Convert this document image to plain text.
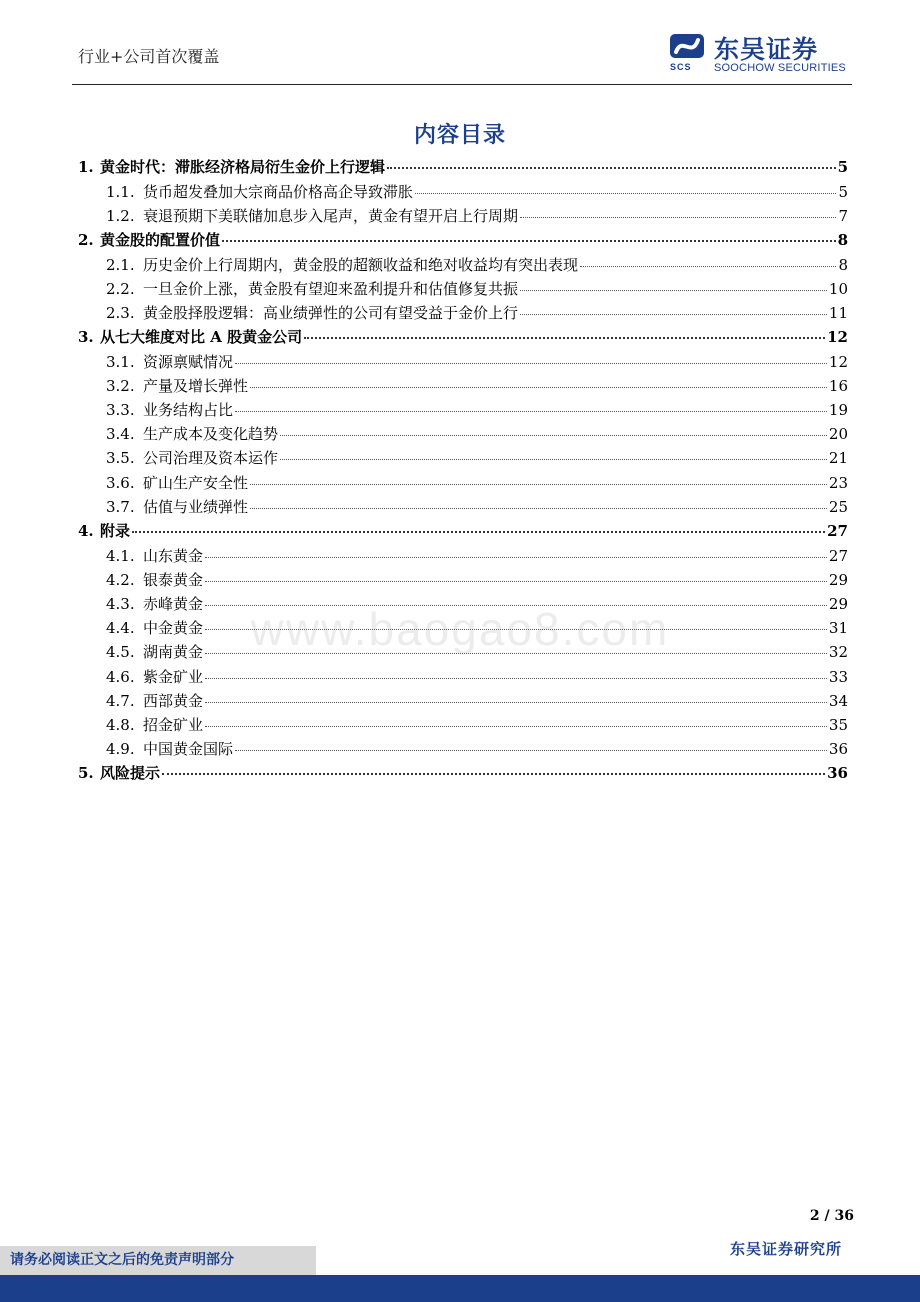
行业+公司首次覆盖
SCS
东吴证券
SOOCHOW SECURITIES
内容目录
1. 黄金时代：滞胀经济格局衍生金价上行逻辑	5
1.1. 货币超发叠加大宗商品价格高企导致滞胀	5
1.2. 衰退预期下美联储加息步入尾声，黄金有望开启上行周期	7
2. 黄金股的配置价值	8
2.1. 历史金价上行周期内，黄金股的超额收益和绝对收益均有突出表现	8
2.2. 一旦金价上涨，黄金股有望迎来盈利提升和估值修复共振	10
2.3. 黄金股择股逻辑：高业绩弹性的公司有望受益于金价上行	11
3. 从七大维度对比 A 股黄金公司	12
3.1. 资源禀赋情况	12
3.2. 产量及增长弹性	16
3.3. 业务结构占比	19
3.4. 生产成本及变化趋势	20
3.5. 公司治理及资本运作	21
3.6. 矿山生产安全性	23
3.7. 估值与业绩弹性	25
4. 附录	27
4.1. 山东黄金	27
4.2. 银泰黄金	29
4.3. 赤峰黄金	29
4.4. 中金黄金	31
4.5. 湖南黄金	32
4.6. 紫金矿业	33
4.7. 西部黄金	34
4.8. 招金矿业	35
4.9. 中国黄金国际	36
5. 风险提示	36
www.baogao8.com
2 / 36
请务必阅读正文之后的免责声明部分
东吴证券研究所
